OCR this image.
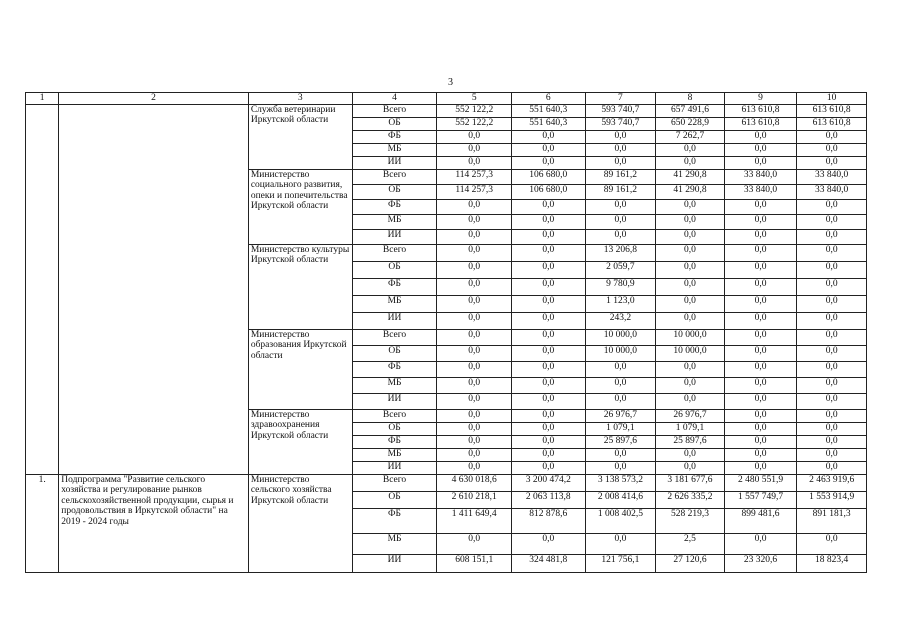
3
1	2	3	4	5	6	7	8	9	10
		Служба ветеринарии Иркутской области	Всего	552 122,2	551 640,3	593 740,7	657 491,6	613 610,8	613 610,8
			ОБ	552 122,2	551 640,3	593 740,7	650 228,9	613 610,8	613 610,8
			ФБ	0,0	0,0	0,0	7 262,7	0,0	0,0
			МБ	0,0	0,0	0,0	0,0	0,0	0,0
			ИИ	0,0	0,0	0,0	0,0	0,0	0,0
		Министерство социального развития, опеки и попечительства Иркутской области	Всего	114 257,3	106 680,0	89 161,2	41 290,8	33 840,0	33 840,0
			ОБ	114 257,3	106 680,0	89 161,2	41 290,8	33 840,0	33 840,0
			ФБ	0,0	0,0	0,0	0,0	0,0	0,0
			МБ	0,0	0,0	0,0	0,0	0,0	0,0
			ИИ	0,0	0,0	0,0	0,0	0,0	0,0
		Министерство культуры Иркутской области	Всего	0,0	0,0	13 206,8	0,0	0,0	0,0
			ОБ	0,0	0,0	2 059,7	0,0	0,0	0,0
			ФБ	0,0	0,0	9 780,9	0,0	0,0	0,0
			МБ	0,0	0,0	1 123,0	0,0	0,0	0,0
			ИИ	0,0	0,0	243,2	0,0	0,0	0,0
		Министерство образования Иркутской области	Всего	0,0	0,0	10 000,0	10 000,0	0,0	0,0
			ОБ	0,0	0,0	10 000,0	10 000,0	0,0	0,0
			ФБ	0,0	0,0	0,0	0,0	0,0	0,0
			МБ	0,0	0,0	0,0	0,0	0,0	0,0
			ИИ	0,0	0,0	0,0	0,0	0,0	0,0
		Министерство здравоохранения Иркутской области	Всего	0,0	0,0	26 976,7	26 976,7	0,0	0,0
			ОБ	0,0	0,0	1 079,1	1 079,1	0,0	0,0
			ФБ	0,0	0,0	25 897,6	25 897,6	0,0	0,0
			МБ	0,0	0,0	0,0	0,0	0,0	0,0
			ИИ	0,0	0,0	0,0	0,0	0,0	0,0
1.	Подпрограмма "Развитие сельского хозяйства и регулирование рынков сельскохозяйственной продукции, сырья и продовольствия в Иркутской области" на 2019 - 2024 годы	Министерство сельского хозяйства Иркутской области	Всего	4 630 018,6	3 200 474,2	3 138 573,2	3 181 677,6	2 480 551,9	2 463 919,6
			ОБ	2 610 218,1	2 063 113,8	2 008 414,6	2 626 335,2	1 557 749,7	1 553 914,9
			ФБ	1 411 649,4	812 878,6	1 008 402,5	528 219,3	899 481,6	891 181,3
			МБ	0,0	0,0	0,0	2,5	0,0	0,0
			ИИ	608 151,1	324 481,8	121 756,1	27 120,6	23 320,6	18 823,4
